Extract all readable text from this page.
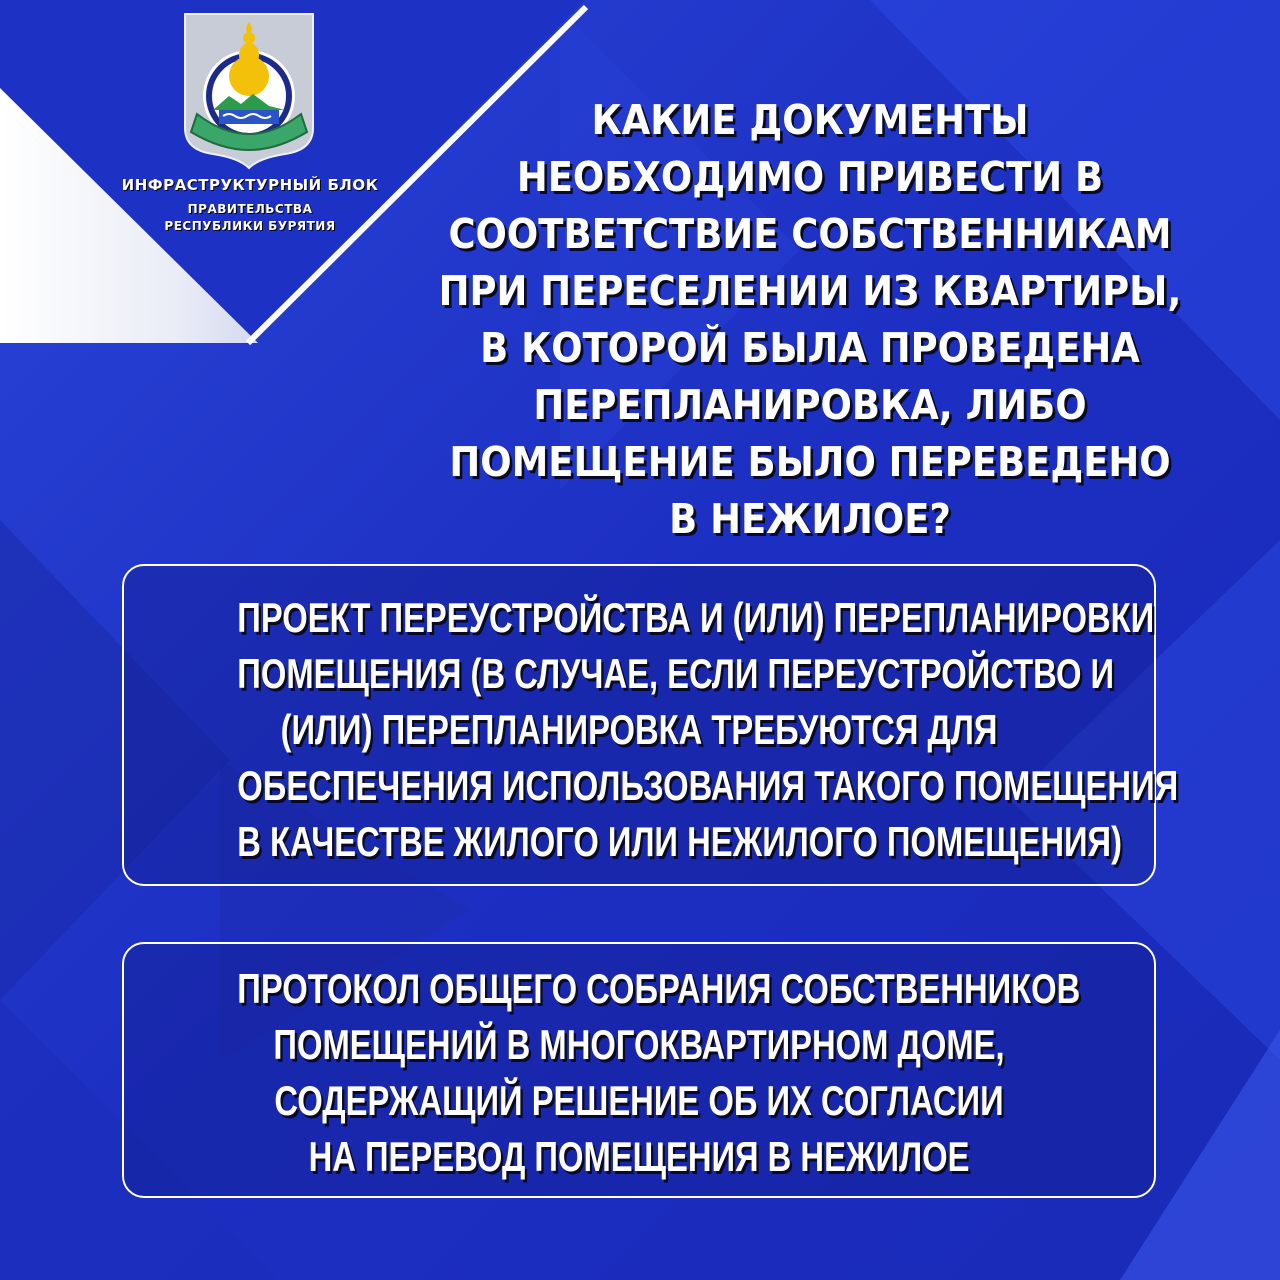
ИНФРАСТРУКТУРНЫЙ БЛОК
ПРАВИТЕЛЬСТВА
РЕСПУБЛИКИ БУРЯТИЯ
КАКИЕ ДОКУМЕНТЫ
НЕОБХОДИМО ПРИВЕСТИ В
СООТВЕТСТВИЕ СОБСТВЕННИКАМ
ПРИ ПЕРЕСЕЛЕНИИ ИЗ КВАРТИРЫ,
В КОТОРОЙ БЫЛА ПРОВЕДЕНА
ПЕРЕПЛАНИРОВКА, ЛИБО
ПОМЕЩЕНИЕ БЫЛО ПЕРЕВЕДЕНО
В НЕЖИЛОЕ?
ПРОЕКТ ПЕРЕУСТРОЙСТВА И (ИЛИ) ПЕРЕПЛАНИРОВКИ
ПОМЕЩЕНИЯ (В СЛУЧАЕ, ЕСЛИ ПЕРЕУСТРОЙСТВО И
(ИЛИ) ПЕРЕПЛАНИРОВКА ТРЕБУЮТСЯ ДЛЯ
ОБЕСПЕЧЕНИЯ ИСПОЛЬЗОВАНИЯ ТАКОГО ПОМЕЩЕНИЯ
В КАЧЕСТВЕ ЖИЛОГО ИЛИ НЕЖИЛОГО ПОМЕЩЕНИЯ)
ПРОТОКОЛ ОБЩЕГО СОБРАНИЯ СОБСТВЕННИКОВ
ПОМЕЩЕНИЙ В МНОГОКВАРТИРНОМ ДОМЕ,
СОДЕРЖАЩИЙ РЕШЕНИЕ ОБ ИХ СОГЛАСИИ
НА ПЕРЕВОД ПОМЕЩЕНИЯ В НЕЖИЛОЕ
